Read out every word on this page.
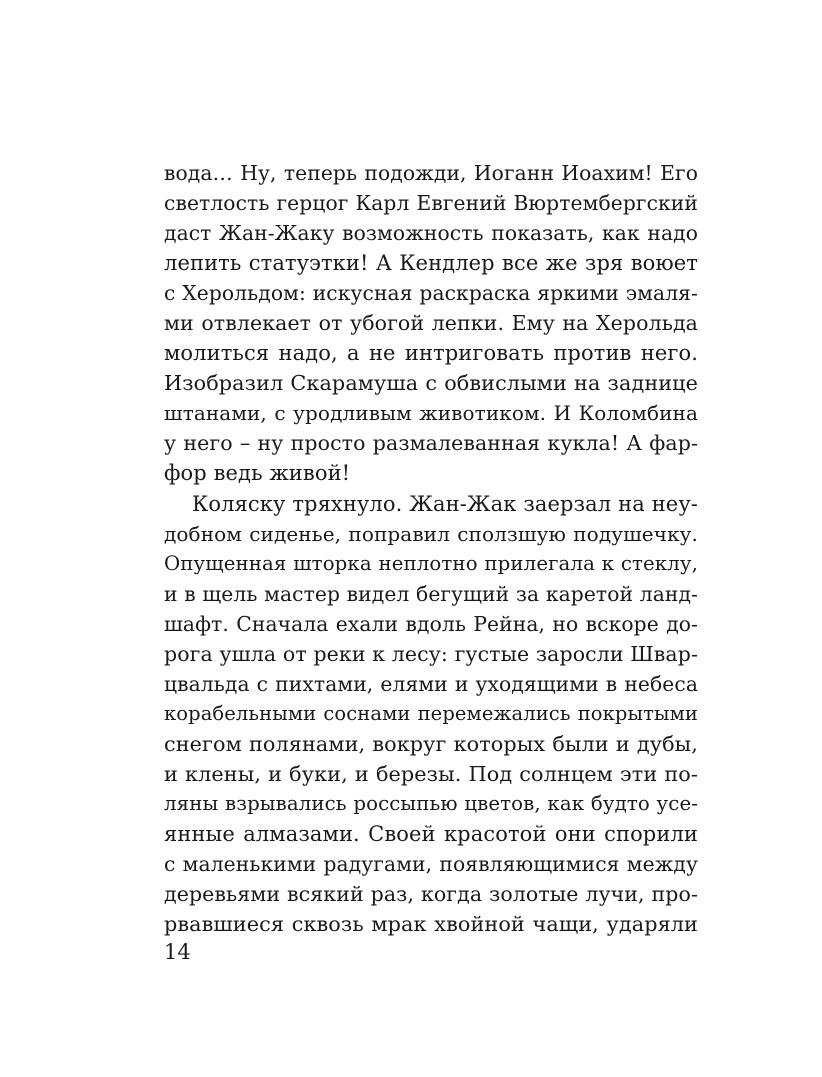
вода… Ну, теперь подожди, Иоганн Иоахим! Его
светлость герцог Карл Евгений Вюртембергский
даст Жан-Жаку возможность показать, как надо
лепить статуэтки! А Кендлер все же зря воюет
с Херольдом: искусная раскраска яркими эмаля-
ми отвлекает от убогой лепки. Ему на Херольда
молиться надо, а не интриговать против него.
Изобразил Скарамуша с обвислыми на заднице
штанами, с уродливым животиком. И Коломбина
у него – ну просто размалеванная кукла! А фар-
фор ведь живой!
Коляску тряхнуло. Жан-Жак заерзал на неу-
добном сиденье, поправил сползшую подушечку.
Опущенная шторка неплотно прилегала к стеклу,
и в щель мастер видел бегущий за каретой ланд-
шафт. Сначала ехали вдоль Рейна, но вскоре до-
рога ушла от реки к лесу: густые заросли Швар-
цвальда с пихтами, елями и уходящими в небеса
корабельными соснами перемежались покрытыми
снегом полянами, вокруг которых были и дубы,
и клены, и буки, и березы. Под солнцем эти по-
ляны взрывались россыпью цветов, как будто усе-
янные алмазами. Своей красотой они спорили
с маленькими радугами, появляющимися между
деревьями всякий раз, когда золотые лучи, про-
рвавшиеся сквозь мрак хвойной чащи, ударяли
14
